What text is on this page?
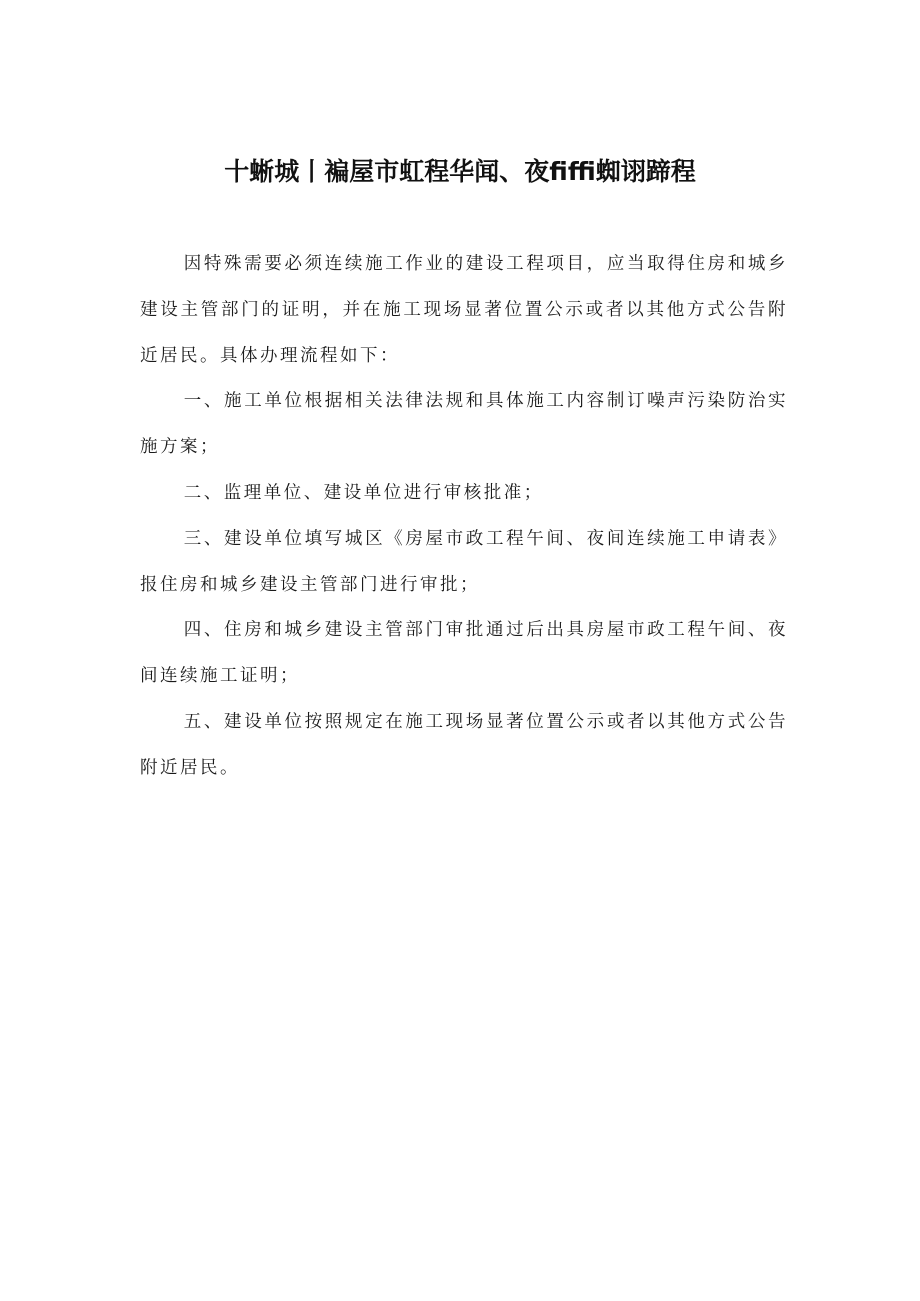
十蜥城丨褊屋市虹程华闻、夜fiffi蜘诩蹄程

因特殊需要必须连续施工作业的建设工程项目，应当取得住房和城乡建设主管部门的证明，并在施工现场显著位置公示或者以其他方式公告附近居民。具体办理流程如下：

一、施工单位根据相关法律法规和具体施工内容制订噪声污染防治实施方案；

二、监理单位、建设单位进行审核批准；

三、建设单位填写城区《房屋市政工程午间、夜间连续施工申请表》报住房和城乡建设主管部门进行审批；

四、住房和城乡建设主管部门审批通过后出具房屋市政工程午间、夜间连续施工证明；

五、建设单位按照规定在施工现场显著位置公示或者以其他方式公告附近居民。
